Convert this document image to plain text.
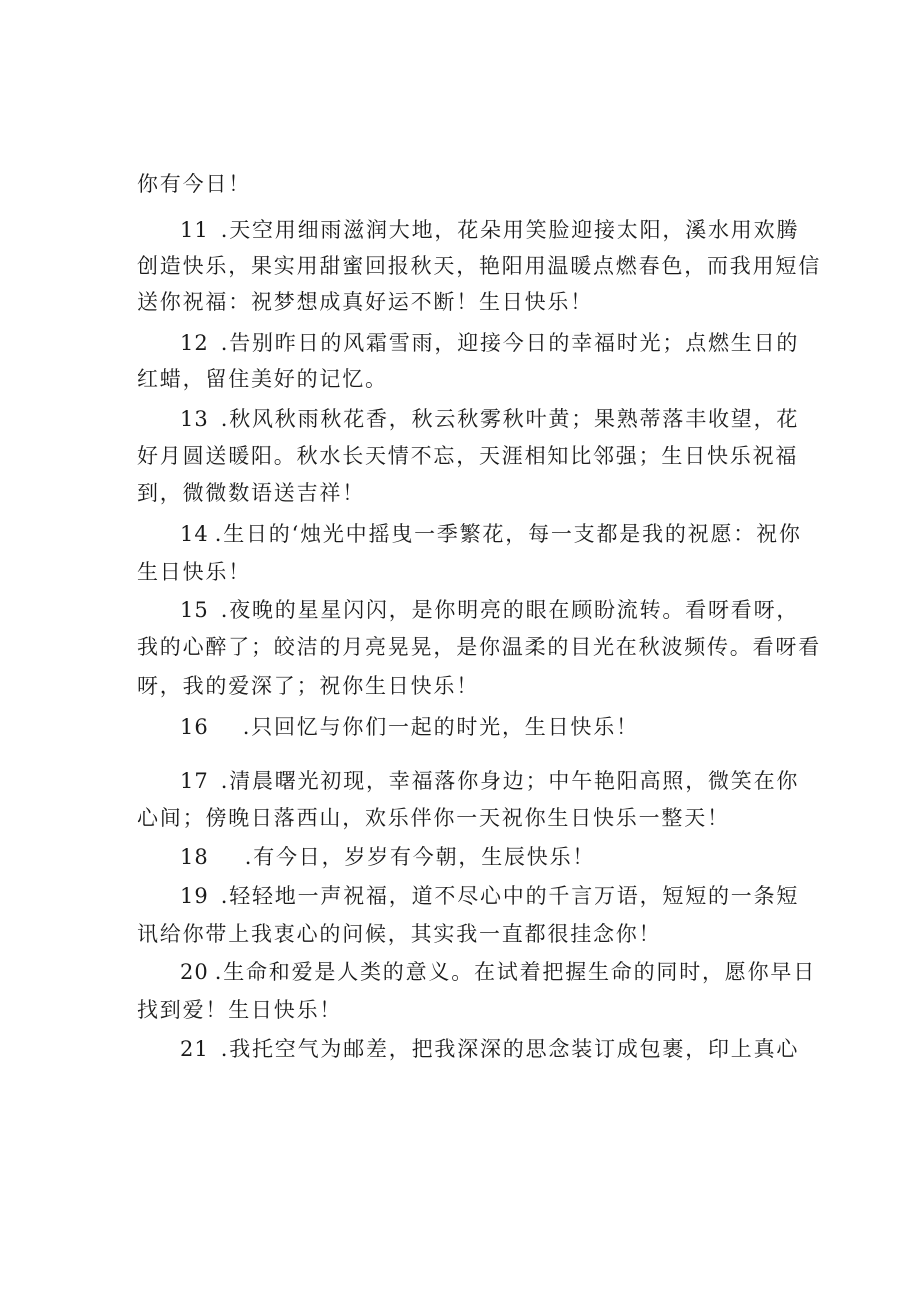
你有今日！
11 .天空用细雨滋润大地，花朵用笑脸迎接太阳，溪水用欢腾
创造快乐，果实用甜蜜回报秋天，艳阳用温暖点燃春色，而我用短信
送你祝福：祝梦想成真好运不断！生日快乐！
12 .告别昨日的风霜雪雨，迎接今日的幸福时光；点燃生日的
红蜡，留住美好的记忆。
13 .秋风秋雨秋花香，秋云秋雾秋叶黄；果熟蒂落丰收望，花
好月圆送暖阳。秋水长天情不忘，天涯相知比邻强；生日快乐祝福
到，微微数语送吉祥！
14 .生日的‘烛光中摇曳一季繁花，每一支都是我的祝愿：祝你
生日快乐！
15 .夜晚的星星闪闪，是你明亮的眼在顾盼流转。看呀看呀，
我的心醉了；皎洁的月亮晃晃，是你温柔的目光在秋波频传。看呀看
呀，我的爱深了；祝你生日快乐！
16 .只回忆与你们一起的时光，生日快乐！
17 .清晨曙光初现，幸福落你身边；中午艳阳高照，微笑在你
心间；傍晚日落西山，欢乐伴你一天祝你生日快乐一整天！
18 .有今日，岁岁有今朝，生辰快乐！
19 .轻轻地一声祝福，道不尽心中的千言万语，短短的一条短
讯给你带上我衷心的问候，其实我一直都很挂念你！
20 .生命和爱是人类的意义。在试着把握生命的同时，愿你早日
找到爱！生日快乐！
21 .我托空气为邮差，把我深深的思念装订成包裹，印上真心
